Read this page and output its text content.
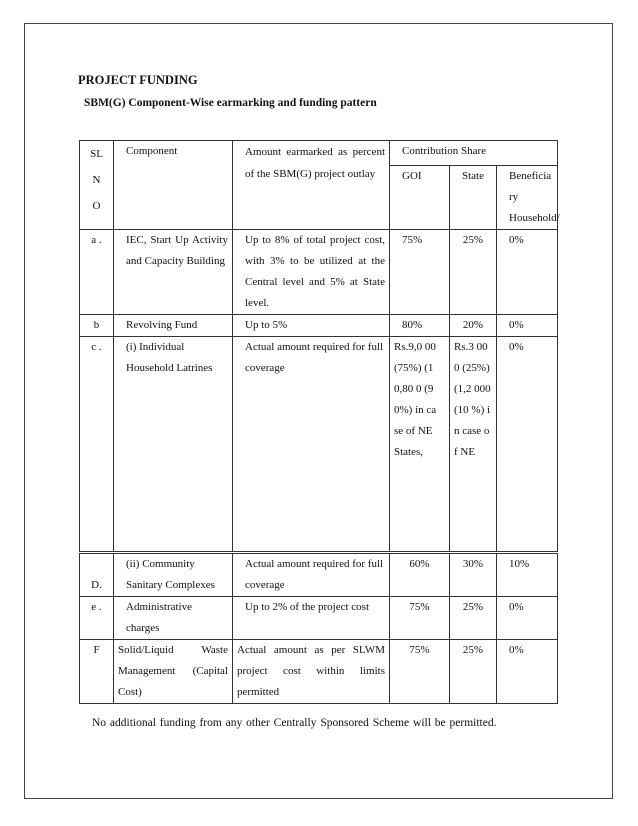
PROJECT FUNDING
SBM(G) Component-Wise earmarking and funding pattern
SL N O	Component	Amount earmarked as percent of the SBM(G) project outlay	Contribution Share		
			GOI	State	Beneficia ry Household/

a .	IEC, Start Up Activity and Capacity Building	Up to 8% of total project cost, with 3% to be utilized at the Central level and 5% at State level.	75%	25%	0%
b	Revolving Fund	Up to 5%	80%	20%	0%

c .	(i) Individual Household Latrines	Actual amount required for full coverage	Rs.9,0 00 (75%) (10,80 0 (90%) in case of NE States,	Rs.3 000 (25%) (1,2 000 (10 %) in case of NE	0%
D.	(ii) Community Sanitary Complexes	Actual amount required for full coverage	60%	30%	10%

e .	Administrative charges	Up to 2% of the project cost	75%	25%	0%
F	Solid/Liquid Waste Management (Capital Cost)	Actual amount as per SLWM project cost within limits permitted	75%	25%	0%
No additional funding from any other Centrally Sponsored Scheme will be permitted.
